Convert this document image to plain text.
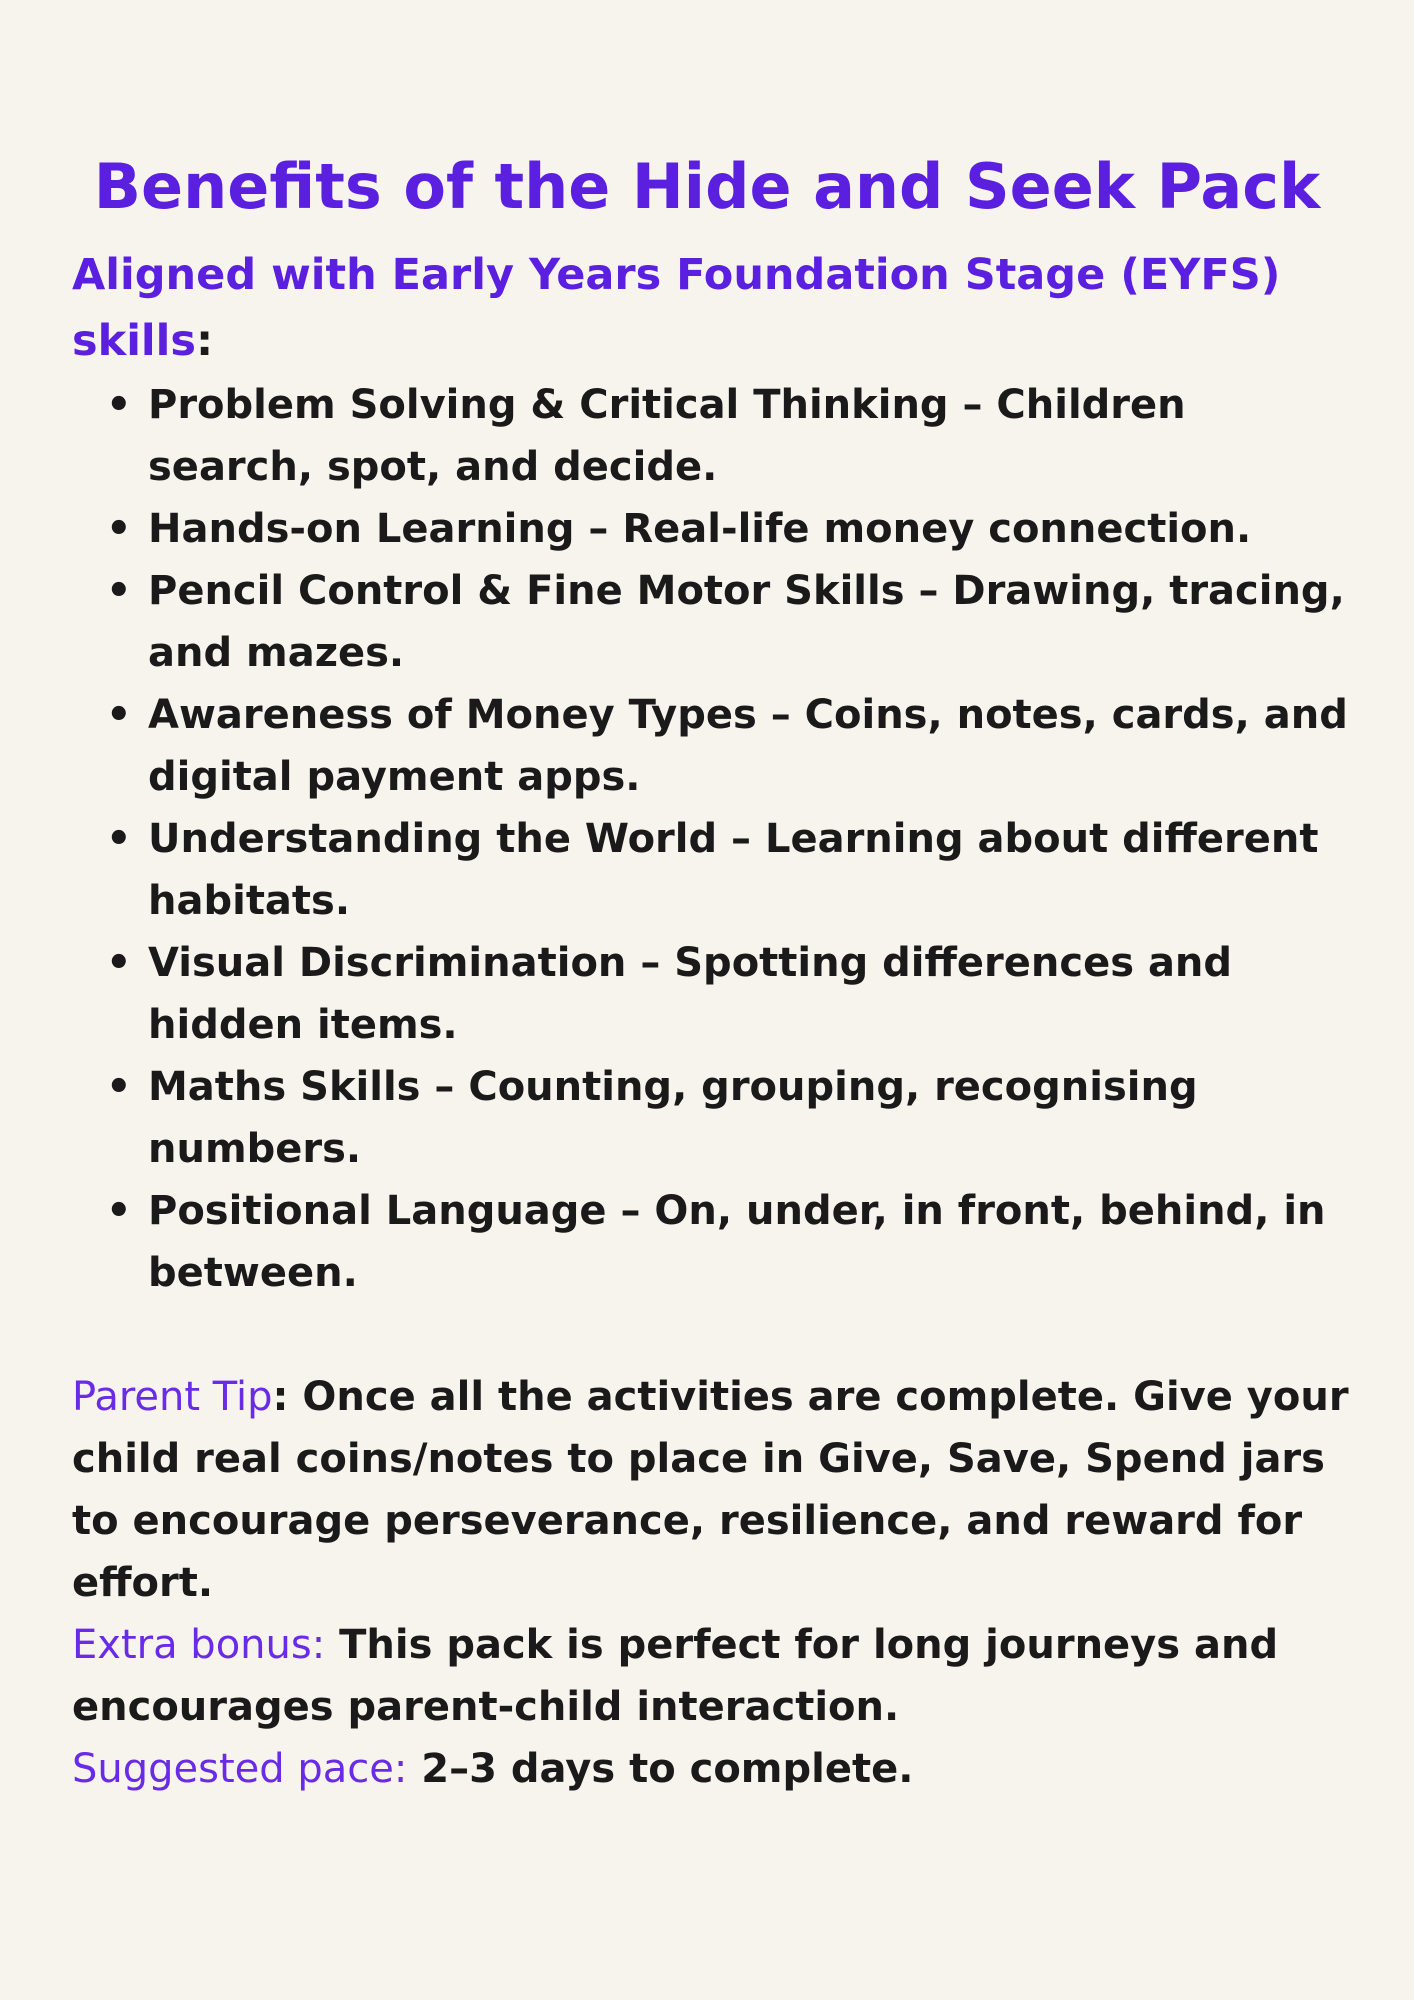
Benefits of the Hide and Seek Pack

Aligned with Early Years Foundation Stage (EYFS) skills:

• Problem Solving & Critical Thinking – Children search, spot, and decide.
• Hands-on Learning – Real-life money connection.
• Pencil Control & Fine Motor Skills – Drawing, tracing, and mazes.
• Awareness of Money Types – Coins, notes, cards, and digital payment apps.
• Understanding the World – Learning about different habitats.
• Visual Discrimination – Spotting differences and hidden items.
• Maths Skills – Counting, grouping, recognising numbers.
• Positional Language – On, under, in front, behind, in between.

Parent Tip: Once all the activities are complete. Give your child real coins/notes to place in Give, Save, Spend jars to encourage perseverance, resilience, and reward for effort.

Extra bonus: This pack is perfect for long journeys and encourages parent-child interaction.

Suggested pace: 2–3 days to complete.
